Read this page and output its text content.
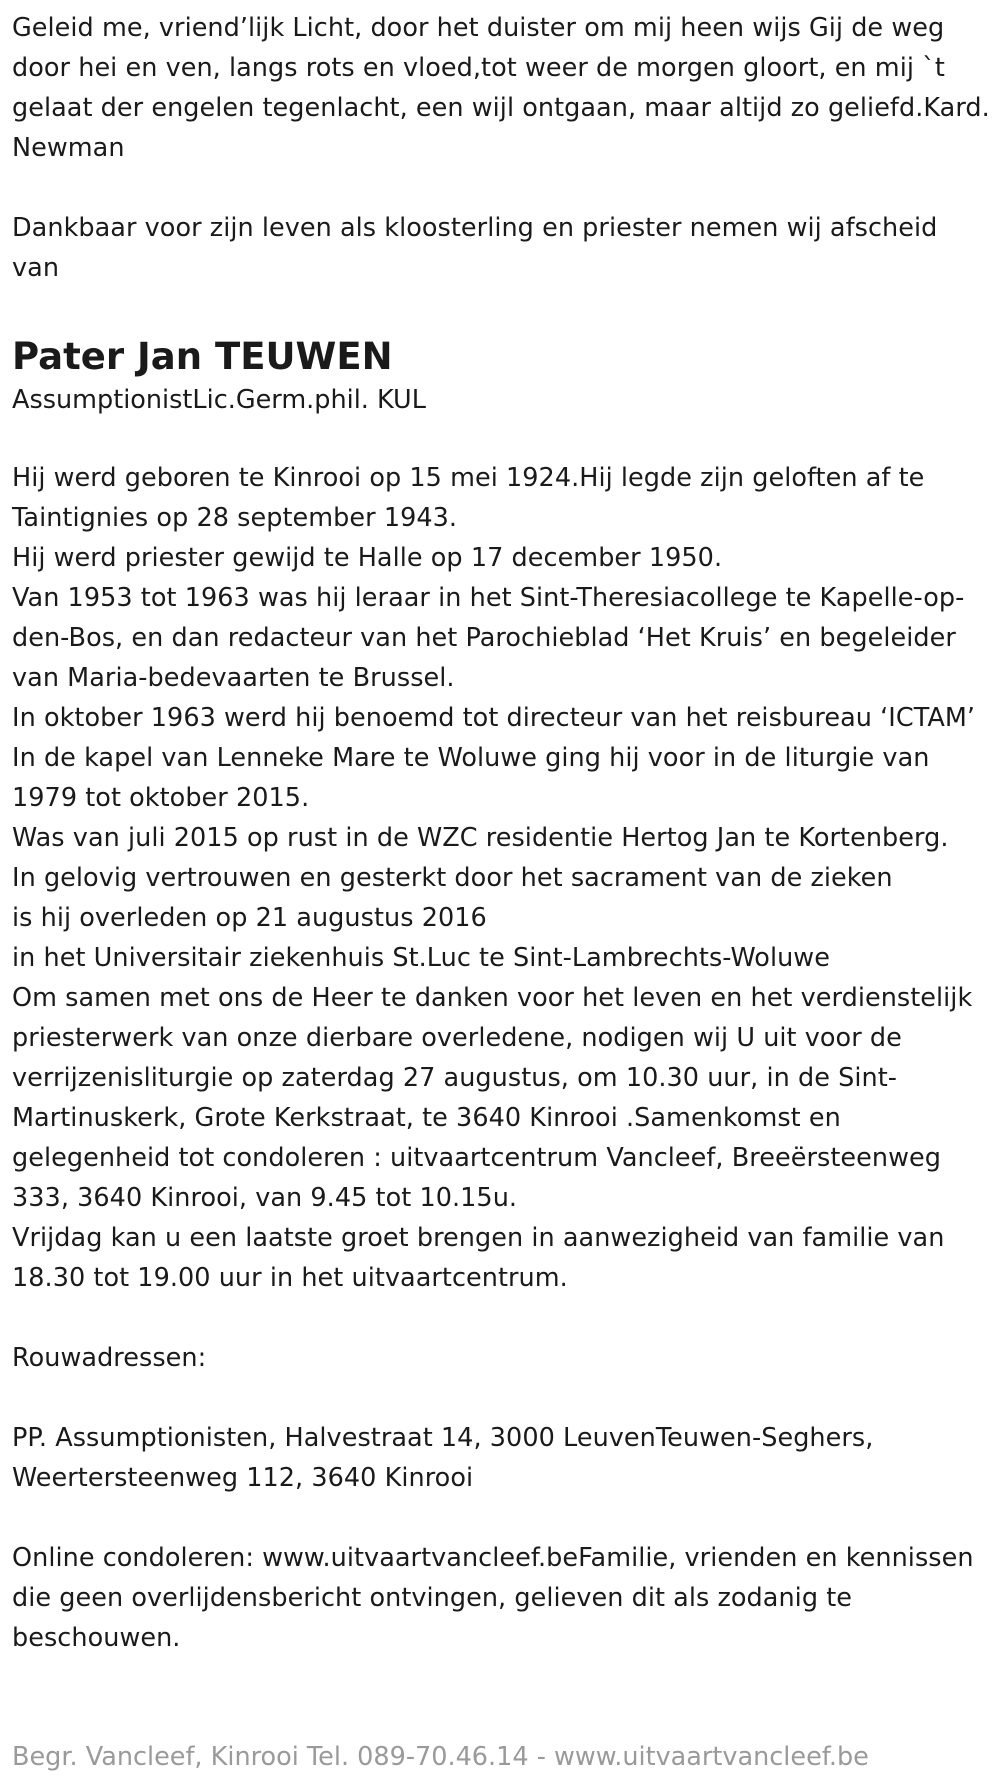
Geleid me, vriend’lijk Licht, door het duister om mij heen wijs Gij de weg door hei en ven, langs rots en vloed,tot weer de morgen gloort, en mij `t gelaat der engelen tegenlacht, een wijl ontgaan, maar altijd zo geliefd.Kard. Newman

Dankbaar voor zijn leven als kloosterling en priester nemen wij afscheid van

Pater Jan TEUWEN

AssumptionistLic.Germ.phil. KUL

Hij werd geboren te Kinrooi op 15 mei 1924.Hij legde zijn geloften af te Taintignies op 28 september 1943.
Hij werd priester gewijd te Halle op 17 december 1950.
Van 1953 tot 1963 was hij leraar in het Sint-Theresiacollege te Kapelle-op-den-Bos, en dan redacteur van het Parochieblad ‘Het Kruis’ en begeleider van Maria-bedevaarten te Brussel.
In oktober 1963 werd hij benoemd tot directeur van het reisbureau ‘ICTAM’
In de kapel van Lenneke Mare te Woluwe ging hij voor in de liturgie van 1979 tot oktober 2015.
Was van juli 2015 op rust in de WZC residentie Hertog Jan te Kortenberg.
In gelovig vertrouwen en gesterkt door het sacrament van de zieken
is hij overleden op 21 augustus 2016
in het Universitair ziekenhuis St.Luc te Sint-Lambrechts-Woluwe
Om samen met ons de Heer te danken voor het leven en het verdienstelijk priesterwerk van onze dierbare overledene, nodigen wij U uit voor de verrijzenisliturgie op zaterdag 27 augustus, om 10.30 uur, in de Sint-Martinuskerk, Grote Kerkstraat, te 3640 Kinrooi .Samenkomst en gelegenheid tot condoleren : uitvaartcentrum Vancleef, Breeërsteenweg 333, 3640 Kinrooi, van 9.45 tot 10.15u.
Vrijdag kan u een laatste groet brengen in aanwezigheid van familie van 18.30 tot 19.00 uur in het uitvaartcentrum.

Rouwadressen:

PP. Assumptionisten, Halvestraat 14, 3000 LeuvenTeuwen-Seghers, Weertersteenweg 112, 3640 Kinrooi

Online condoleren: www.uitvaartvancleef.beFamilie, vrienden en kennissen die geen overlijdensbericht ontvingen, gelieven dit als zodanig te beschouwen.

Begr. Vancleef, Kinrooi Tel. 089-70.46.14 - www.uitvaartvancleef.be
